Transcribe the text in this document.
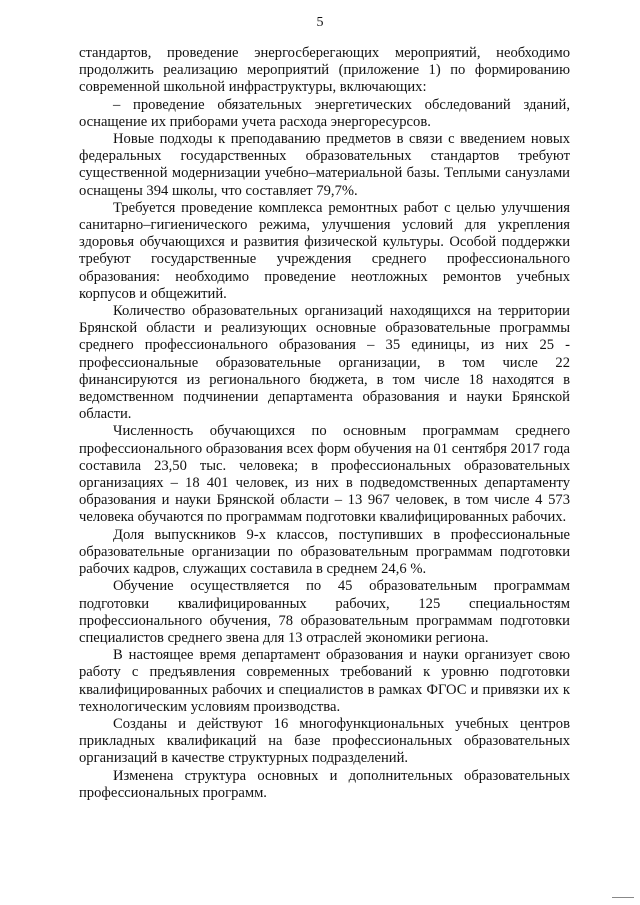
5

стандартов, проведение энергосберегающих мероприятий, необходимо продолжить реализацию мероприятий (приложение 1) по формированию современной школьной инфраструктуры, включающих:

– проведение обязательных энергетических обследований зданий, оснащение их приборами учета расхода энергоресурсов.

Новые подходы к преподаванию предметов в связи с введением новых федеральных государственных образовательных стандартов требуют существенной модернизации учебно–материальной базы. Теплыми санузлами оснащены 394 школы, что составляет 79,7%.

Требуется проведение комплекса ремонтных работ с целью улучшения санитарно–гигиенического режима, улучшения условий для укрепления здоровья обучающихся и развития физической культуры. Особой поддержки требуют государственные учреждения среднего профессионального образования: необходимо проведение неотложных ремонтов учебных корпусов и общежитий.

Количество образовательных организаций находящихся на территории Брянской области и реализующих основные образовательные программы среднего профессионального образования – 35 единицы, из них 25 - профессиональные образовательные организации, в том числе 22 финансируются из регионального бюджета, в том числе 18 находятся в ведомственном подчинении департамента образования и науки Брянской области.

Численность обучающихся по основным программам среднего профессионального образования всех форм обучения на 01 сентября 2017 года составила 23,50 тыс. человека; в профессиональных образовательных организациях – 18 401 человек, из них в подведомственных департаменту образования и науки Брянской области – 13 967 человек, в том числе 4 573 человека обучаются по программам подготовки квалифицированных рабочих.

Доля выпускников 9-х классов, поступивших в профессиональные образовательные организации по образовательным программам подготовки рабочих кадров, служащих составила в среднем 24,6 %.

Обучение осуществляется по 45 образовательным программам подготовки квалифицированных рабочих, 125 специальностям профессионального обучения, 78 образовательным программам подготовки специалистов среднего звена для 13 отраслей экономики региона.

В настоящее время департамент образования и науки организует свою работу с предъявления современных требований к уровню подготовки квалифицированных рабочих и специалистов в рамках ФГОС и привязки их к технологическим условиям производства.

Созданы и действуют 16 многофункциональных учебных центров прикладных квалификаций на базе профессиональных образовательных организаций в качестве структурных подразделений.

Изменена структура основных и дополнительных образовательных профессиональных программ.
